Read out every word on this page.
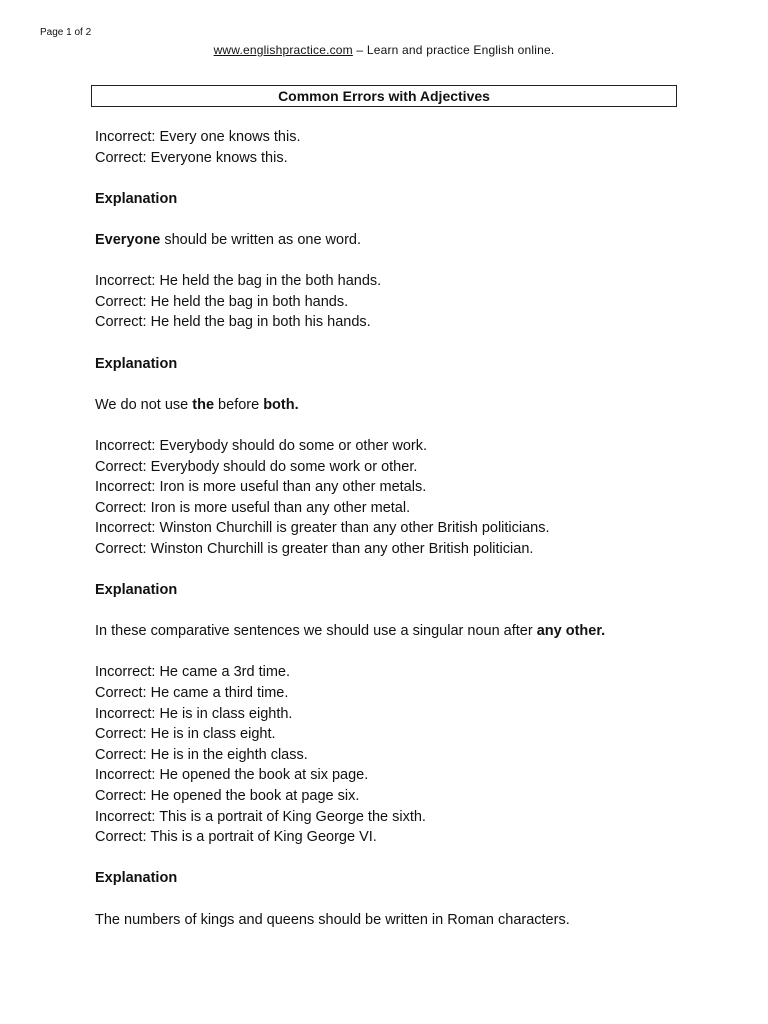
Page 1 of 2
www.englishpractice.com – Learn and practice English online.
Common Errors with Adjectives
Incorrect: Every one knows this.
Correct: Everyone knows this.
Explanation
Everyone should be written as one word.
Incorrect: He held the bag in the both hands.
Correct: He held the bag in both hands.
Correct: He held the bag in both his hands.
Explanation
We do not use the before both.
Incorrect: Everybody should do some or other work.
Correct: Everybody should do some work or other.
Incorrect: Iron is more useful than any other metals.
Correct: Iron is more useful than any other metal.
Incorrect: Winston Churchill is greater than any other British politicians.
Correct: Winston Churchill is greater than any other British politician.
Explanation
In these comparative sentences we should use a singular noun after any other.
Incorrect: He came a 3rd time.
Correct: He came a third time.
Incorrect: He is in class eighth.
Correct: He is in class eight.
Correct: He is in the eighth class.
Incorrect: He opened the book at six page.
Correct: He opened the book at page six.
Incorrect: This is a portrait of King George the sixth.
Correct: This is a portrait of King George VI.
Explanation
The numbers of kings and queens should be written in Roman characters.
